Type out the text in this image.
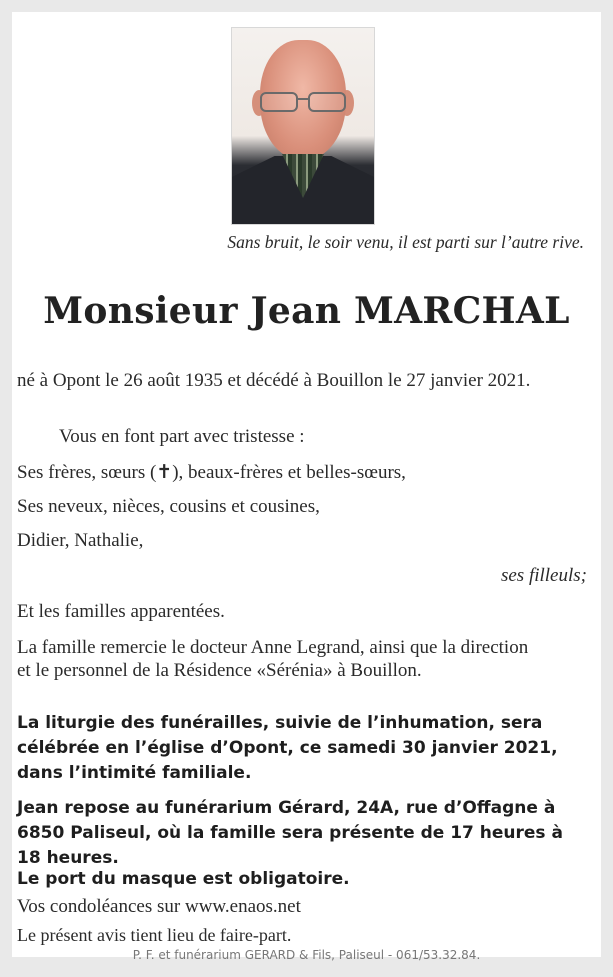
Sans bruit, le soir venu, il est parti sur l’autre rive.

Monsieur Jean MARCHAL

né à Opont le 26 août 1935 et décédé à Bouillon le 27 janvier 2021.

Vous en font part avec tristesse :

Ses frères, sœurs (✝), beaux-frères et belles-sœurs,

Ses neveux, nièces, cousins et cousines,

Didier, Nathalie,

ses filleuls;

Et les familles apparentées.

La famille remercie le docteur Anne Legrand, ainsi que la direction et le personnel de la Résidence «Sérénia» à Bouillon.

La liturgie des funérailles, suivie de l’inhumation, sera célébrée en l’église d’Opont, ce samedi 30 janvier 2021, dans l’intimité familiale.

Jean repose au funérarium Gérard, 24A, rue d’Offagne à 6850 Paliseul, où la famille sera présente de 17 heures à 18 heures.

Le port du masque est obligatoire.

Vos condoléances sur www.enaos.net

Le présent avis tient lieu de faire-part.

P. F. et funérarium GERARD & Fils, Paliseul - 061/53.32.84.
